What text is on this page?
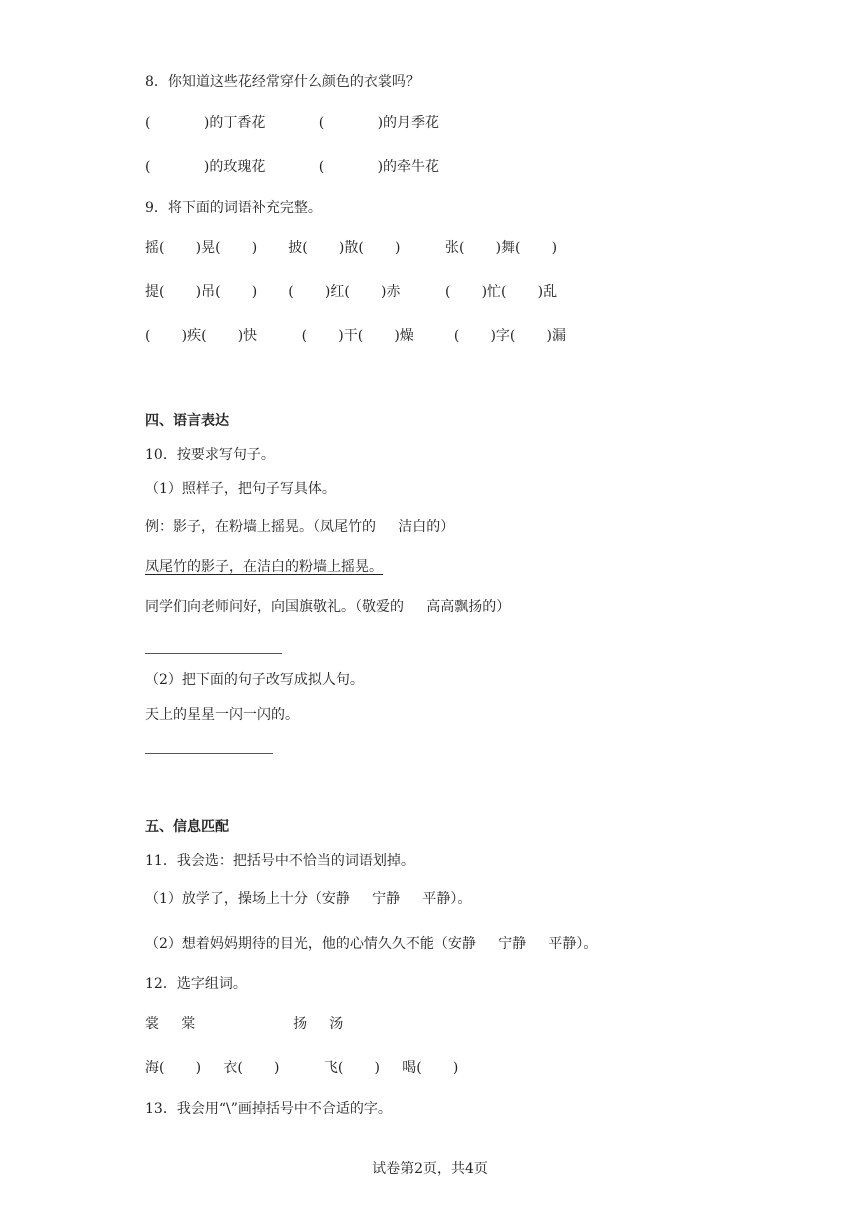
8．你知道这些花经常穿什么颜色的衣裳吗？
(            )的丁香花            (            )的月季花
(            )的玫瑰花            (            )的牵牛花
9．将下面的词语补充完整。
摇(       )晃(       )       披(       )散(       )          张(       )舞(       )
提(       )吊(       )       (       )红(       )赤          (       )忙(       )乱
(       )疾(       )快          (       )干(       )燥         (       )字(       )漏
四、语言表达
10．按要求写句子。
（1）照样子，把句子写具体。
例：影子，在粉墙上摇晃。（凤尾竹的     洁白的）
凤尾竹的影子，在洁白的粉墙上摇晃。
同学们向老师问好，向国旗敬礼。（敬爱的     高高飘扬的）
（2）把下面的句子改写成拟人句。
天上的星星一闪一闪的。
五、信息匹配
11．我会选：把括号中不恰当的词语划掉。
（1）放学了，操场上十分（安静     宁静     平静）。
（2）想着妈妈期待的目光，他的心情久久不能（安静     宁静     平静）。
12．选字组词。
裳     棠                      扬     汤
海(       )     衣(       )          飞(       )     喝(       )
13．我会用“\”画掉括号中不合适的字。
试卷第2页，共4页
